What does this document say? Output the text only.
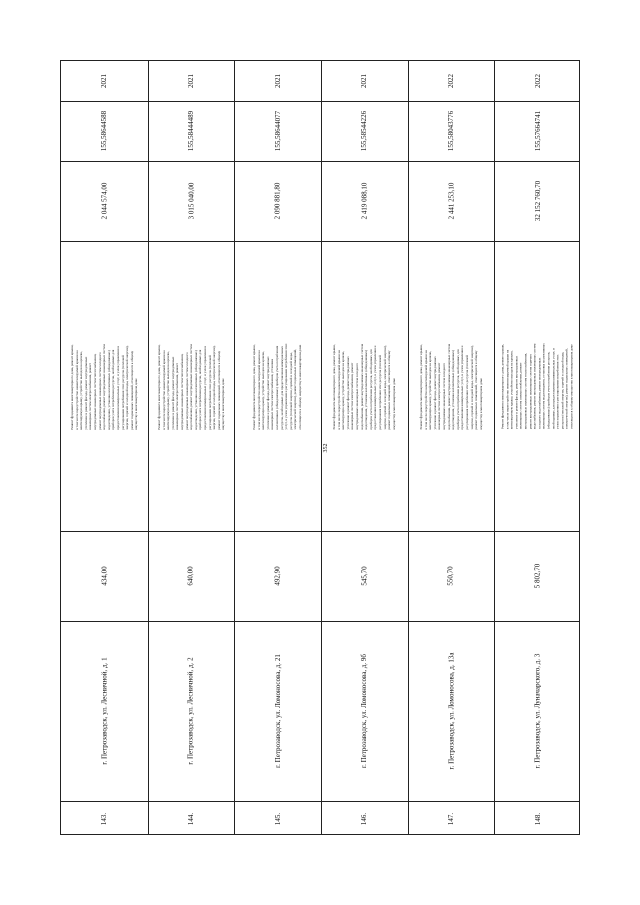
352
143.
г. Петрозаводск, ул. Лесничной, д. 1
434,00
Ремонт фундамента многоквартирного дома, ремонт крыши, в том числе переустройство невентилируемой крыши на вентилируемую крышу, устройство выходов на кровлю, утепление и ремонт фасада, ремонт внутридомовых инженерных систем электроснабжения, ремонт внутридомовых инженерных систем теплоснабжения, ремонт внутридомовых инженерных систем холодного водоснабжения, ремонт внутридомовых инженерных систем водоотведения, установка коллективных (общедомовых) приборов учета потребления ресурсов, необходимых для предоставления коммунальных услуг, и узлов управления и регулирования потребления этих ресурсов (тепловой энергии, горячей и холодной воды, электрической энергии), ремонт подвальных помещений, относящихся к общему имуществу в многоквартирном доме
2 044 574,00
155,58644588
2021
144.
г. Петрозаводск, ул. Лесничной, д. 2
640,00
Ремонт фундамента многоквартирного дома, ремонт крыши, в том числе переустройство невентилируемой крыши на вентилируемую крышу, устройство выходов на кровлю, утепление и ремонт фасада, ремонт внутридомовых инженерных систем электроснабжения, ремонт внутридомовых инженерных систем теплоснабжения, ремонт внутридомовых инженерных систем холодного водоснабжения, ремонт внутридомовых инженерных систем водоотведения, установка коллективных (общедомовых) приборов учета потребления ресурсов, необходимых для предоставления коммунальных услуг, и узлов управления и регулирования потребления этих ресурсов (тепловой энергии, горячей и холодной воды, электрической энергии), ремонт подвальных помещений, относящихся к общему имуществу в многоквартирном доме
3 015 040,00
155,58444489
2021
145.
г. Петрозаводск, ул. Ломоносова, д. 21
492,90
Ремонт фундамента многоквартирного дома, ремонт крыши, в том числе переустройство невентилируемой крыши на вентилируемую крышу, устройство выходов на кровлю, утепление и ремонт фасада, ремонт внутридомовых инженерных систем электроснабжения, установка коллективных (общедомовых) приборов учета потребления ресурсов, необходимых для предоставления коммунальных услуг, и узлов управления и регулирования потребления этих ресурсов (тепловой энергии, горячей и холодной воды, электрической энергии), ремонт подвальных помещений, относящихся к общему имуществу в многоквартирном доме
2 090 881,80
155,58644077
2021
146.
г. Петрозаводск, ул. Ломоносова, д. 9б
545,70
Ремонт фундамента многоквартирного дома, ремонт крыши, в том числе переустройство невентилируемой крыши на вентилируемую крышу, устройство выходов на кровлю, утепление и ремонт фасада, ремонт внутридомовых инженерных систем электроснабжения, ремонт внутридомовых инженерных систем холодного водоснабжения, ремонт внутридомовых инженерных систем водоотведения, установка коллективных (общедомовых) приборов учета потребления ресурсов, необходимых для предоставления коммунальных услуг, и узлов управления и регулирования потребления этих ресурсов (тепловой энергии, горячей и холодной воды, электрической энергии), ремонт подвальных помещений, относящихся к общему имуществу в многоквартирном доме
2 419 088,10
155,58544226
2021
147.
г. Петрозаводск, ул. Ломоносова, д. 13а
550,70
Ремонт фундамента многоквартирного дома, ремонт крыши, в том числе переустройство невентилируемой крыши на вентилируемую крышу, устройство выходов на кровлю, утепление и ремонт фасада, ремонт внутридомовых инженерных систем электроснабжения, ремонт внутридомовых инженерных систем холодного водоснабжения, ремонт внутридомовых инженерных систем водоотведения, установка коллективных (общедомовых) приборов учета потребления ресурсов, необходимых для предоставления коммунальных услуг, и узлов управления и регулирования потребления этих ресурсов (тепловой энергии, горячей и холодной воды, электрической энергии), ремонт подвальных помещений, относящихся к общему имуществу в многоквартирном доме
2 441 253,10
155,58043776
2022
148.
г. Петрозаводск, ул. Луначарского, д. 3
5 802,70
Ремонт фундамента многоквартирного дома, ремонт крыши, в том числе переустройство невентилируемой крыши на вентилируемую крышу, устройство выходов на кровлю, утепление и ремонт фасада, ремонт внутридомовых инженерных систем электроснабжения, ремонт внутридомовых инженерных систем теплоснабжения, ремонт внутридомовых инженерных систем горячего водоснабжения, ремонт внутридомовых инженерных систем холодного водоснабжения, ремонт внутридомовых инженерных систем водоотведения, установка коллективных (общедомовых) приборов учета потребления ресурсов, необходимых для предоставления коммунальных услуг, и узлов управления и регулирования потребления этих ресурсов (тепловой энергии, горячей и холодной воды, электрической энергии), ремонт подвальных помещений, относящихся к общему имуществу в многоквартирном доме
32 152 760,70
155,57664741
2022
